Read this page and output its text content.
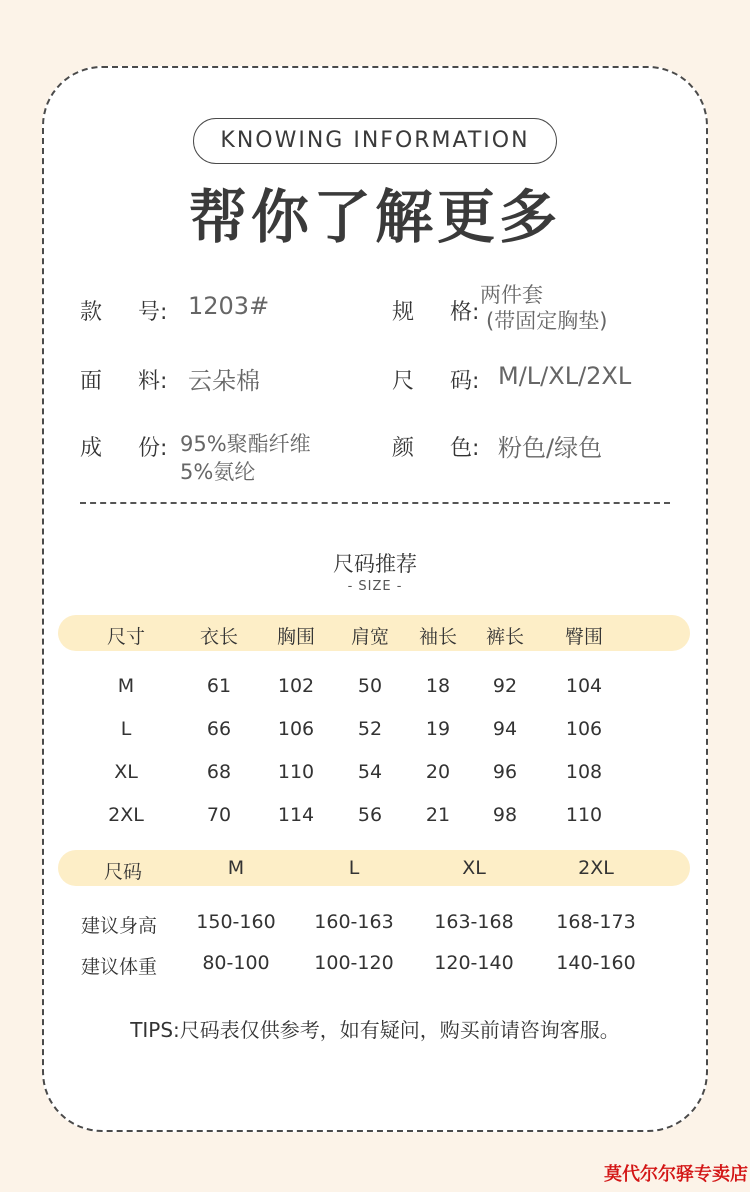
KNOWING INFORMATION
帮你了解更多
款 号: 1203#	规 格:
两件套
(带固定胸垫)
面 料: 云朵棉	尺 码: M/L/XL/2XL
成 份: 95%聚酯纤维
5%氨纶
颜 色: 粉色/绿色
尺码推荐
- SIZE -
尺寸	衣长	胸围	肩宽	袖长	裤长	臀围
M	61	102	50	18	92	104
L	66	106	52	19	94	106
XL	68	110	54	20	96	108
2XL	70	114	56	21	98	110
尺码	M	L	XL	2XL
建议身高	150-160 160-163 163-168 168-173
建议体重	80-100	100-120 120-140 140-160
TIPS:尺码表仅供参考，如有疑问，购买前请咨询客服。
莫代尔尔驿专卖店
